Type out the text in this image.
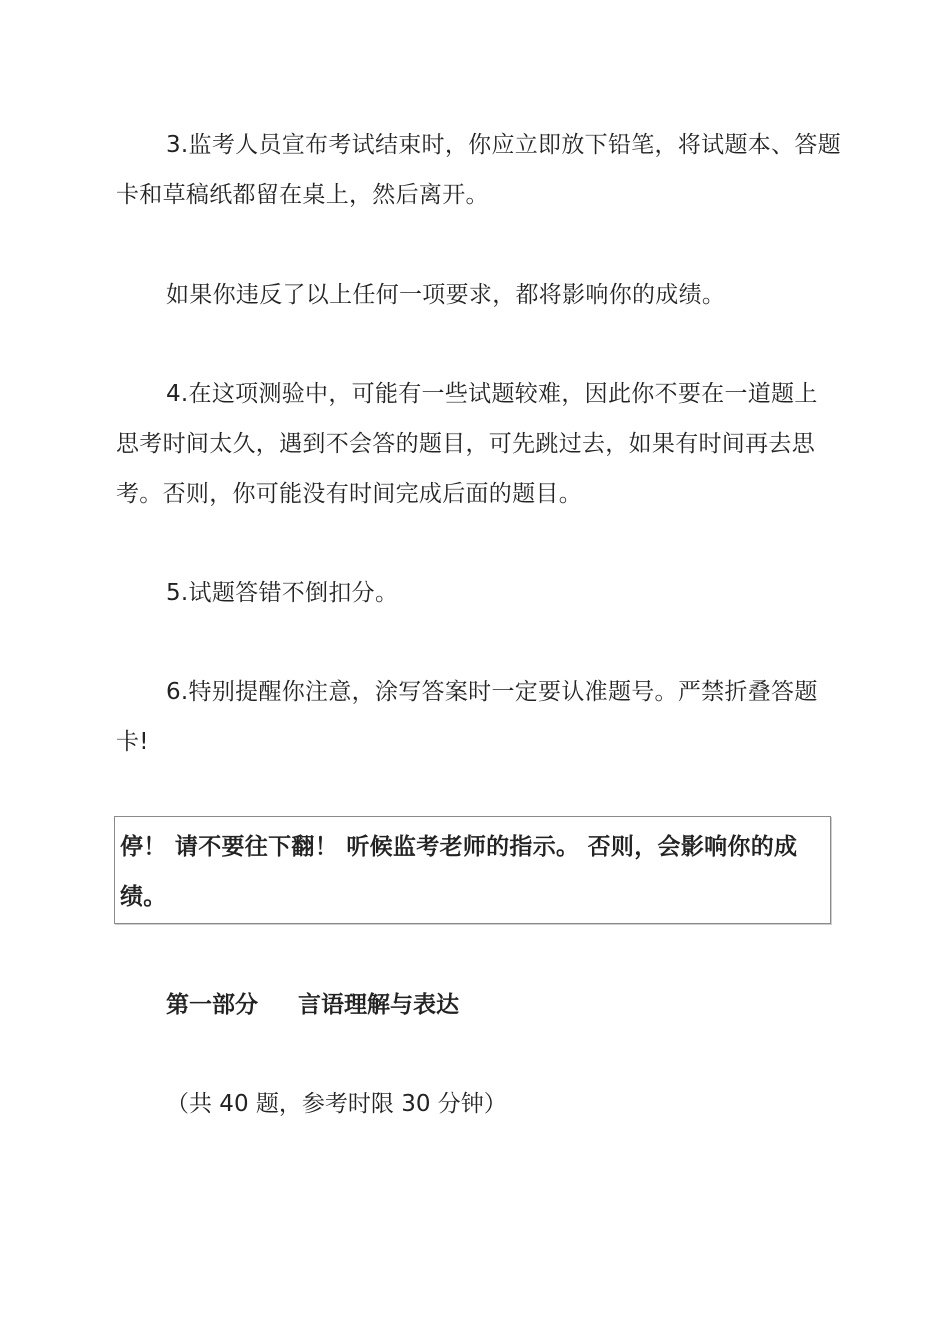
3.监考人员宣布考试结束时，你应立即放下铅笔，将试题本、答题卡和草稿纸都留在桌上，然后离开。

如果你违反了以上任何一项要求，都将影响你的成绩。

4.在这项测验中，可能有一些试题较难，因此你不要在一道题上思考时间太久，遇到不会答的题目，可先跳过去，如果有时间再去思考。否则，你可能没有时间完成后面的题目。

5.试题答错不倒扣分。

6.特别提醒你注意，涂写答案时一定要认准题号。严禁折叠答题卡!

停！ 请不要往下翻！ 听候监考老师的指示。 否则，会影响你的成绩。

第一部分 言语理解与表达

（共 40 题，参考时限 30 分钟）
